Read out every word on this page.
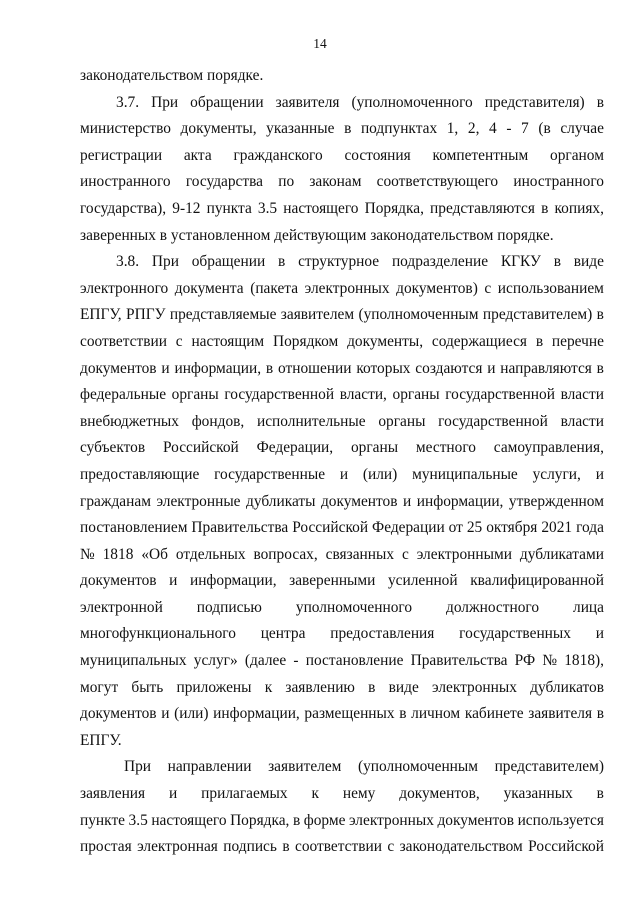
14
законодательством порядке.
3.7. При обращении заявителя (уполномоченного представителя) в
министерство документы, указанные в подпунктах 1, 2, 4 - 7 (в случае
регистрации акта гражданского состояния компетентным органом
иностранного государства по законам соответствующего иностранного
государства), 9-12 пункта 3.5 настоящего Порядка, представляются в копиях,
заверенных в установленном действующим законодательством порядке.
3.8. При обращении в структурное подразделение КГКУ в виде
электронного документа (пакета электронных документов) с использованием
ЕПГУ, РПГУ представляемые заявителем (уполномоченным представителем) в
соответствии с настоящим Порядком документы, содержащиеся в перечне
документов и информации, в отношении которых создаются и направляются в
федеральные органы государственной власти, органы государственной власти
внебюджетных фондов, исполнительные органы государственной власти
субъектов Российской Федерации, органы местного самоуправления,
предоставляющие государственные и (или) муниципальные услуги, и
гражданам электронные дубликаты документов и информации, утвержденном
постановлением Правительства Российской Федерации от 25 октября 2021 года
№ 1818 «Об отдельных вопросах, связанных с электронными дубликатами
документов и информации, заверенными усиленной квалифицированной
электронной подписью уполномоченного должностного лица
многофункционального центра предоставления государственных и
муниципальных услуг» (далее - постановление Правительства РФ № 1818),
могут быть приложены к заявлению в виде электронных дубликатов
документов и (или) информации, размещенных в личном кабинете заявителя в
ЕПГУ.
При направлении заявителем (уполномоченным представителем)
заявления и прилагаемых к нему документов, указанных в
пункте 3.5 настоящего Порядка, в форме электронных документов используется
простая электронная подпись в соответствии с законодательством Российской
